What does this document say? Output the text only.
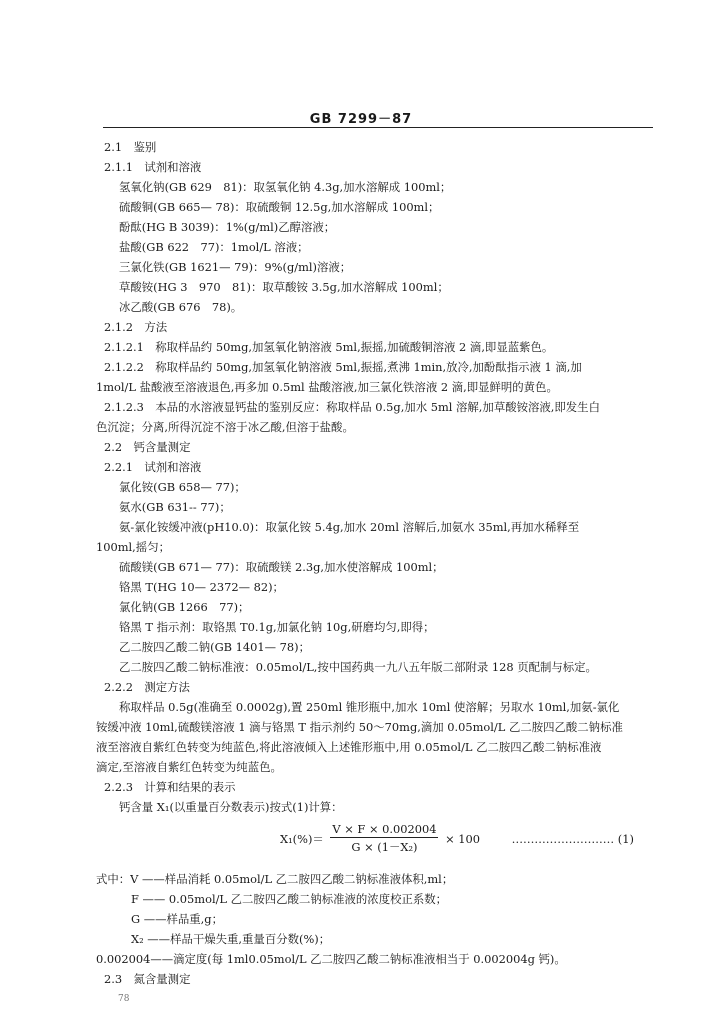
GB 7299－87
2.1　鉴别
2.1.1　试剂和溶液
氢氧化钠(GB 629　81)：取氢氧化钠 4.3g,加水溶解成 100ml；
硫酸铜(GB 665— 78)：取硫酸铜 12.5g,加水溶解成 100ml；
酚酞(HG B 3039)：1%(g/ml)乙醇溶液；
盐酸(GB 622　77)：1mol/L 溶液；
三氯化铁(GB 1621— 79)：9%(g/ml)溶液；
草酸铵(HG 3　970　81)：取草酸铵 3.5g,加水溶解成 100ml；
冰乙酸(GB 676　78)。
2.1.2　方法
2.1.2.1　称取样品约 50mg,加氢氧化钠溶液 5ml,振摇,加硫酸铜溶液 2 滴,即显蓝紫色。
2.1.2.2　称取样品约 50mg,加氢氧化钠溶液 5ml,振摇,煮沸 1min,放冷,加酚酞指示液 1 滴,加
1mol/L 盐酸液至溶液退色,再多加 0.5ml 盐酸溶液,加三氯化铁溶液 2 滴,即显鲜明的黄色。
2.1.2.3　本品的水溶液显钙盐的鉴别反应：称取样品 0.5g,加水 5ml 溶解,加草酸铵溶液,即发生白
色沉淀；分离,所得沉淀不溶于冰乙酸,但溶于盐酸。
2.2　钙含量测定
2.2.1　试剂和溶液
氯化铵(GB 658— 77)；
氨水(GB 631-- 77)；
氨-氯化铵缓冲液(pH10.0)：取氯化铵 5.4g,加水 20ml 溶解后,加氨水 35ml,再加水稀释至
100ml,摇匀；
硫酸镁(GB 671— 77)：取硫酸镁 2.3g,加水使溶解成 100ml；
铬黑 T(HG 10— 2372— 82)；
氯化钠(GB 1266　77)；
铬黑 T 指示剂：取铬黑 T0.1g,加氯化钠 10g,研磨均匀,即得；
乙二胺四乙酸二钠(GB 1401— 78)；
乙二胺四乙酸二钠标准液：0.05mol/L,按中国药典一九八五年版二部附录 128 页配制与标定。
2.2.2　测定方法
称取样品 0.5g(准确至 0.0002g),置 250ml 锥形瓶中,加水 10ml 使溶解；另取水 10ml,加氨-氯化
铵缓冲液 10ml,硫酸镁溶液 1 滴与铬黑 T 指示剂约 50～70mg,滴加 0.05mol/L 乙二胺四乙酸二钠标准
液至溶液自紫红色转变为纯蓝色,将此溶液倾入上述锥形瓶中,用 0.05mol/L 乙二胺四乙酸二钠标准液
滴定,至溶液自紫红色转变为纯蓝色。
2.2.3　计算和结果的表示
钙含量 X₁(以重量百分数表示)按式(1)计算：
$X_1(\%)= \frac{V \times F \times 0.002004}{\text{G × (1－X₂)}} \times 100$	……………………… (1)
式中：V ——样品消耗 0.05mol/L 乙二胺四乙酸二钠标准液体积,ml；
F —— 0.05mol/L 乙二胺四乙酸二钠标准液的浓度校正系数；
G ——样品重,g；
X₂ ——样品干燥失重,重量百分数(%)；
0.002004——滴定度(每 1ml0.05mol/L 乙二胺四乙酸二钠标准液相当于 0.002004g 钙)。
2.3　氮含量测定
78
